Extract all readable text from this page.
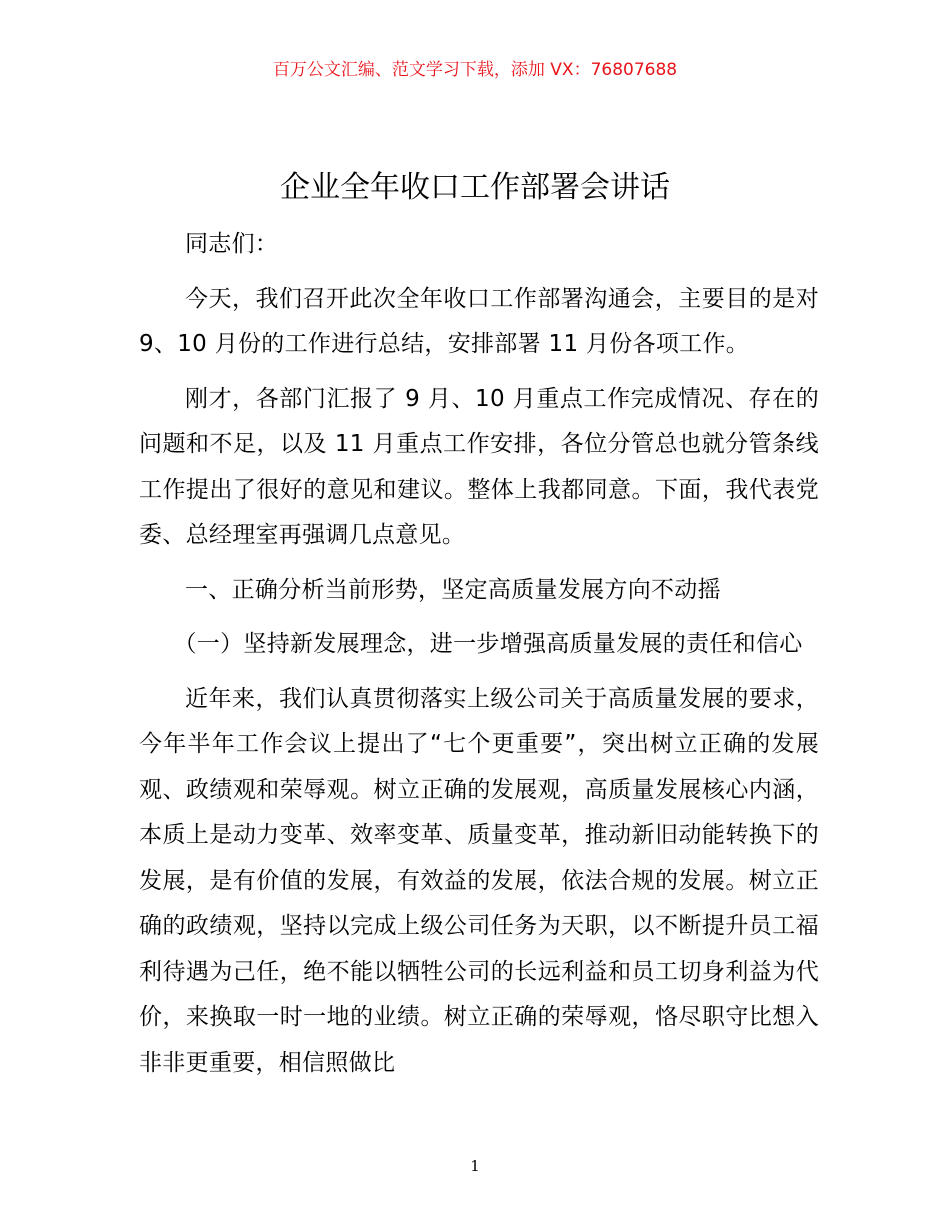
百万公文汇编、范文学习下载，添加 VX：76807688
企业全年收口工作部署会讲话

同志们：

今天，我们召开此次全年收口工作部署沟通会，主要目的是对 9、10 月份的工作进行总结，安排部署 11 月份各项工作。

刚才，各部门汇报了 9 月、10 月重点工作完成情况、存在的问题和不足，以及 11 月重点工作安排，各位分管总也就分管条线工作提出了很好的意见和建议。整体上我都同意。下面，我代表党委、总经理室再强调几点意见。

一、正确分析当前形势，坚定高质量发展方向不动摇

（一）坚持新发展理念，进一步增强高质量发展的责任和信心

近年来，我们认真贯彻落实上级公司关于高质量发展的要求，今年半年工作会议上提出了“七个更重要”，突出树立正确的发展观、政绩观和荣辱观。树立正确的发展观，高质量发展核心内涵，本质上是动力变革、效率变革、质量变革，推动新旧动能转换下的发展，是有价值的发展，有效益的发展，依法合规的发展。树立正确的政绩观，坚持以完成上级公司任务为天职，以不断提升员工福利待遇为己任，绝不能以牺牲公司的长远利益和员工切身利益为代价，来换取一时一地的业绩。树立正确的荣辱观，恪尽职守比想入非非更重要，相信照做比

1
